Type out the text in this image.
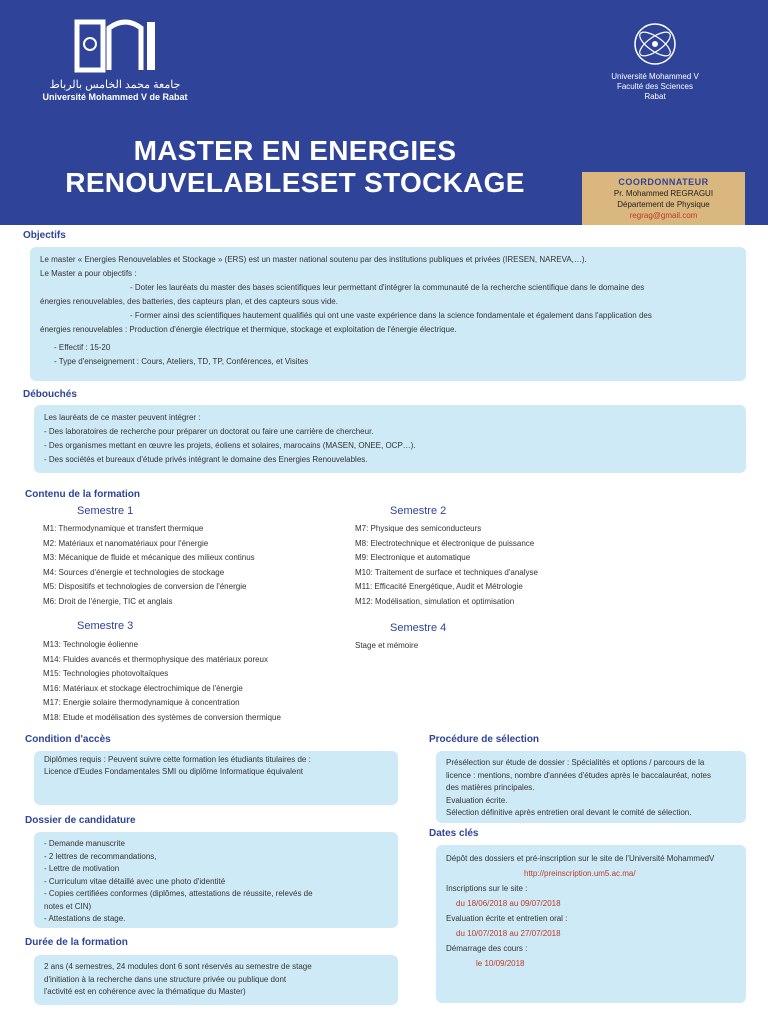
جامعة محمد الخامس بالرباط
Université Mohammed V de Rabat
Université Mohammed V
Faculté des Sciences
Rabat
MASTER EN ENERGIES
RENOUVELABLESET STOCKAGE	COORDONNATEUR
Pr. Mohammed REGRAGUI
Département de Physique
regrag@gmail.com
Objectifs
Le master « Energies Renouvelables et Stockage » (ERS) est un master national soutenu par des institutions publiques et privées (IRESEN, NAREVA,…).
Le Master a pour objectifs :
- Doter les lauréats du master des bases scientifiques leur permettant d'intégrer la communauté de la recherche scientifique dans le domaine des
énergies renouvelables, des batteries, des capteurs plan, et des capteurs sous vide.
- Former ainsi des scientifiques hautement qualifiés qui ont une vaste expérience dans la science fondamentale et également dans l'application des
énergies renouvelables : Production d'énergie électrique et thermique, stockage et exploitation de l'énergie électrique.
- Effectif : 15-20
- Type d'enseignement : Cours, Ateliers, TD, TP, Conférences, et Visites
Débouchés
Les lauréats de ce master peuvent intégrer :
- Des laboratoires de recherche pour préparer un doctorat ou faire une carrière de chercheur.
- Des organismes mettant en œuvre les projets, éoliens et solaires, marocains (MASEN, ONEE, OCP…).
- Des sociétés et bureaux d'étude privés intégrant le domaine des Energies Renouvelables.
Contenu de la formation
Semestre 1
M1: Thermodynamique et transfert thermique
M2: Matériaux et nanomatériaux pour l'énergie
M3: Mécanique de fluide et mécanique des milieux continus
M4: Sources d'énergie et technologies de stockage
M5: Dispositifs et technologies de conversion de l'énergie
M6: Droit de l'énergie, TIC et anglais
Semestre 2
M7: Physique des semiconducteurs
M8: Electrotechnique et électronique de puissance
M9: Electronique et automatique
M10: Traitement de surface et techniques d'analyse
M11: Efficacité Energétique, Audit et Métrologie
M12: Modélisation, simulation et optimisation
Semestre 3
M13: Technologie éolienne
M14: Fluides avancés et thermophysique des matériaux poreux
M15: Technologies photovoltaïques
M16: Matériaux et stockage électrochimique de l'énergie
M17: Energie solaire thermodynamique à concentration
M18: Etude et modélisation des systèmes de conversion thermique
Semestre 4
Stage et mémoire
Condition d'accès
Diplômes requis : Peuvent suivre cette formation les étudiants titulaires de :
Licence d'Eudes Fondamentales SMI ou diplôme Informatique équivalent
Procédure de sélection
Présélection sur étude de dossier : Spécialités et options / parcours de la
licence : mentions, nombre d'années d'études après le baccalauréat, notes
des matières principales.
Evaluation écrite.
Sélection définitive après entretien oral devant le comité de sélection.
Dossier de candidature
- Demande manuscrite
- 2 lettres de recommandations,
- Lettre de motivation
- Curriculum vitae détaillé avec une photo d'identité
- Copies certifiées conformes (diplômes, attestations de réussite, relevés de
notes et CIN)
- Attestations de stage.
Dates clés
Dépôt des dossiers et pré-inscription sur le site de l'Université MohammedV
http://preinscription.um5.ac.ma/
Inscriptions sur le site :
du 18/06/2018 au 09/07/2018
Evaluation écrite et entretien oral :
du 10/07/2018 au 27/07/2018
Démarrage des cours :
le 10/09/2018
Durée de la formation
2 ans (4 semestres, 24 modules dont 6 sont réservés au semestre de stage
d'initiation à la recherche dans une structure privée ou publique dont
l'activité est en cohérence avec la thématique du Master)
